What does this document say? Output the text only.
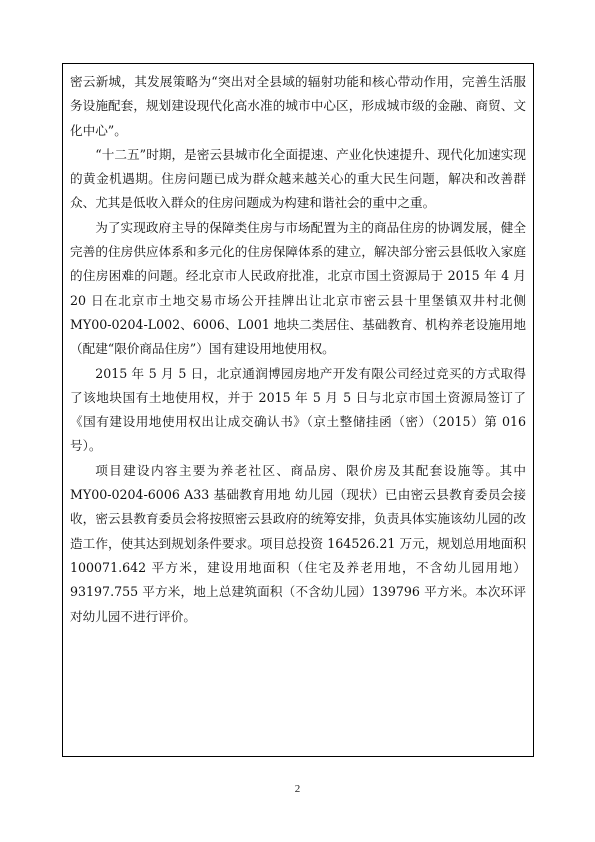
密云新城，其发展策略为“突出对全县域的辐射功能和核心带动作用，完善生活服务设施配套，规划建设现代化高水准的城市中心区，形成城市级的金融、商贸、文化中心”。

“十二五”时期，是密云县城市化全面提速、产业化快速提升、现代化加速实现的黄金机遇期。住房问题已成为群众越来越关心的重大民生问题，解决和改善群众、尤其是低收入群众的住房问题成为构建和谐社会的重中之重。

为了实现政府主导的保障类住房与市场配置为主的商品住房的协调发展，健全完善的住房供应体系和多元化的住房保障体系的建立，解决部分密云县低收入家庭的住房困难的问题。经北京市人民政府批准，北京市国土资源局于 2015 年 4 月 20 日在北京市土地交易市场公开挂牌出让北京市密云县十里堡镇双井村北侧 MY00-0204-L002、6006、L001 地块二类居住、基础教育、机构养老设施用地（配建“限价商品住房”）国有建设用地使用权。

2015 年 5 月 5 日，北京通润博园房地产开发有限公司经过竞买的方式取得了该地块国有土地使用权，并于 2015 年 5 月 5 日与北京市国土资源局签订了《国有建设用地使用权出让成交确认书》（京土整储挂函（密）（2015）第 016 号）。

项目建设内容主要为养老社区、商品房、限价房及其配套设施等。其中 MY00-0204-6006 A33 基础教育用地 幼儿园（现状）已由密云县教育委员会接收，密云县教育委员会将按照密云县政府的统筹安排，负责具体实施该幼儿园的改造工作，使其达到规划条件要求。项目总投资 164526.21 万元，规划总用地面积 100071.642 平方米，建设用地面积（住宅及养老用地，不含幼儿园用地）93197.755 平方米，地上总建筑面积（不含幼儿园）139796 平方米。本次环评对幼儿园不进行评价。

2
